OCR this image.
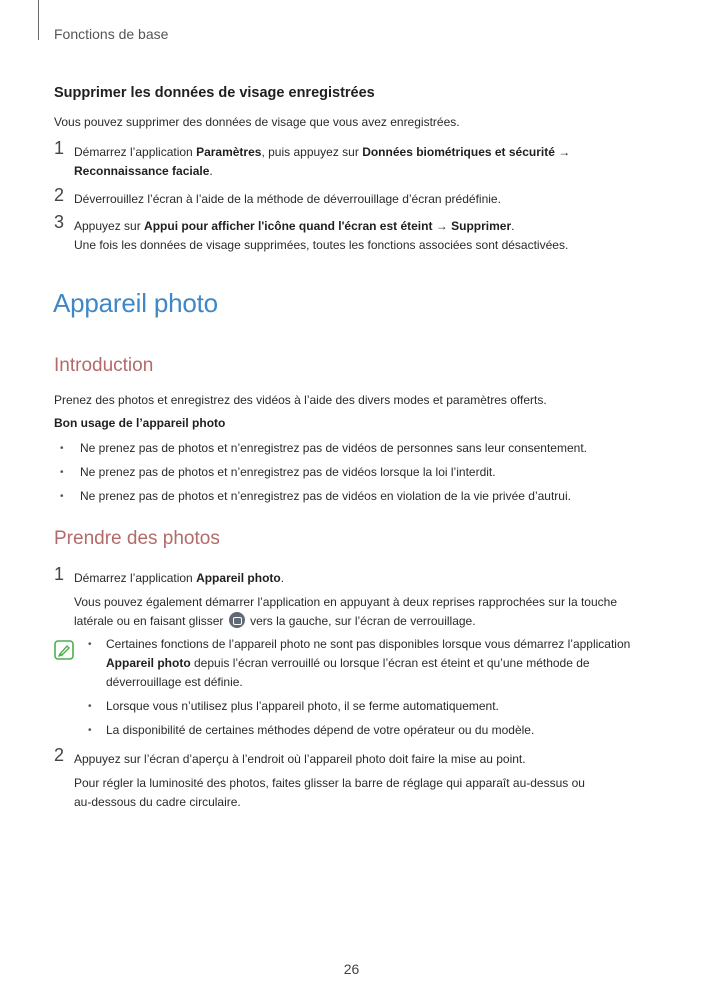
Fonctions de base
Supprimer les données de visage enregistrées

Vous pouvez supprimer des données de visage que vous avez enregistrées.

1 Démarrez l’application Paramètres, puis appuyez sur Données biométriques et sécurité → Reconnaissance faciale.

2 Déverrouillez l’écran à l’aide de la méthode de déverrouillage d’écran prédéfinie.

3 Appuyez sur Appui pour afficher l'icône quand l'écran est éteint → Supprimer.

Une fois les données de visage supprimées, toutes les fonctions associées sont désactivées.

Appareil photo
Introduction

Prenez des photos et enregistrez des vidéos à l’aide des divers modes et paramètres offerts.

Bon usage de l’appareil photo

• Ne prenez pas de photos et n’enregistrez pas de vidéos de personnes sans leur consentement.
• Ne prenez pas de photos et n’enregistrez pas de vidéos lorsque la loi l’interdit.
• Ne prenez pas de photos et n’enregistrez pas de vidéos en violation de la vie privée d’autrui.
Prendre des photos
1 Démarrez l’application Appareil photo.

Vous pouvez également démarrer l’application en appuyant à deux reprises rapprochées sur la touche latérale ou en faisant glisser vers la gauche, sur l’écran de verrouillage.

• Certaines fonctions de l’appareil photo ne sont pas disponibles lorsque vous démarrez l’application Appareil photo depuis l’écran verrouillé ou lorsque l’écran est éteint et qu’une méthode de déverrouillage est définie.
• Lorsque vous n’utilisez plus l’appareil photo, il se ferme automatiquement.
• La disponibilité de certaines méthodes dépend de votre opérateur ou du modèle.
2 Appuyez sur l’écran d’aperçu à l’endroit où l’appareil photo doit faire la mise au point.

Pour régler la luminosité des photos, faites glisser la barre de réglage qui apparaît au-dessus ou au-dessous du cadre circulaire.

26
